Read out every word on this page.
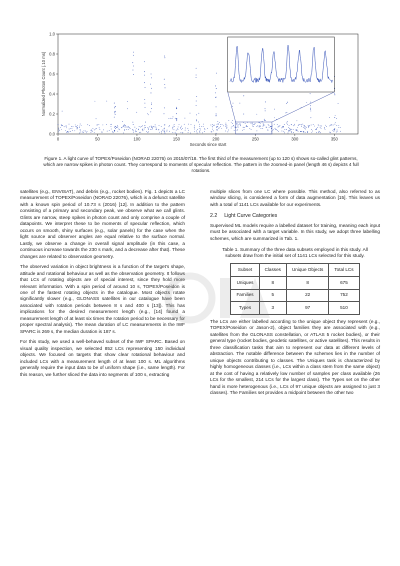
0	50	100	150	200	250	300	350
0.0
0.2
0.4
0.6
0.8
1.0
Seconds since start
Normalized Photon Count (.10 ms)
Figure 1. A light curve of TOPEX/Poseidon (NORAD 22076) on 2015/07/18. The first third of the measurement (up to 120 s) shows so-called glint patterns, which are narrow spikes in photon count. They correspond to moments of specular reflection. The pattern in the zoomed-in panel (length 46 s) depicts 4 full rotations.

satellites (e.g., ENVISAT), and debris (e.g., rocket bodies). Fig. 1 depicts a LC measurement of TOPEX/Poseidon (NORAD 22076), which is a defunct satellite with a known spin period of 10.73 s (2016) [12]. In addition to the pattern consisting of a primary and secondary peak, we observe what we call glints. Glints are narrow, steep spikes in photon count and only comprise a couple of datapoints. We interpret these to be moments of specular reflection, which occurs on smooth, shiny surfaces (e.g., solar panels) for the case when the light source and observer angles are equal relative to the surface normal. Lastly, we observe a change in overall signal amplitude (in this case, a continuous increase towards the 230 s mark, and a decrease after that). These changes are related to observation geometry.

The observed variation in object brightness is a function of the target’s shape, attitude and rotational behaviour as well as the observation geometry. It follows that LCs of rotating objects are of special interest, since they hold more relevant information. With a spin period of around 10 s, TOPEX/Poseidon is one of the fastest rotating objects in the catalogue. Most objects rotate significantly slower (e.g., GLONASS satellites in our catalogue have been associated with rotation periods between 8 s and 400 s [13]). This has implications for the desired measurement length (e.g., [14] found a measurement length of at least six times the rotation period to be necessary for proper spectral analysis). The mean duration of LC measurements in the IWF SPARC is 269 s, the median duration is 187 s.

For this study, we used a well-behaved subset of the IWF SPARC. Based on visual quality inspection, we selected 852 LCs representing 150 individual objects. We focused on targets that show clear rotational behaviour and included LCs with a measurement length of at least 100 s. ML algorithms generally require the input data to be of uniform shape (i.e., same length). For this reason, we further sliced the data into segments of 100 s, extracting

multiple slices from one LC where possible. This method, also referred to as window slicing, is considered a form of data augmentation [15]. This leaves us with a total of 1141 LCs available for our experiments.

2.2 Light Curve Categories

Supervised ML models require a labelled dataset for training, meaning each input must be associated with a target variable. In this study, we adopt three labelling schemes, which are summarized in Tab. 1.

Table 1. Summary of the three data subsets employed in this study. All subsets draw from the initial set of 1141 LCs selected for this study.
Subset	Classes	Unique Objects	Total LCs
Uniques	8	8	675
Families	5	22	752
Types	3	97	510

The LCs are either labelled according to the unique object they represent (e.g., TOPEX/Poseidon or Jason-2), object families they are associated with (e.g., satellites from the GLONASS constellation, or ATLAS 5 rocket bodies), or their general type (rocket bodies, geodetic satellites, or active satellites). This results in three classification tasks that aim to represent our data at different levels of abstraction. The notable difference between the schemes lies in the number of unique objects contributing to classes. The Uniques task is characterized by highly homogeneous classes (i.e., LCs within a class stem from the same object) at the cost of having a relatively low number of samples per class available (26 LCs for the smallest, 214 LCs for the largest class). The Types set on the other hand is more heterogenous (i.e., LCs of 97 unique objects are assigned to just 3 classes). The Families set provides a midpoint between the other two
